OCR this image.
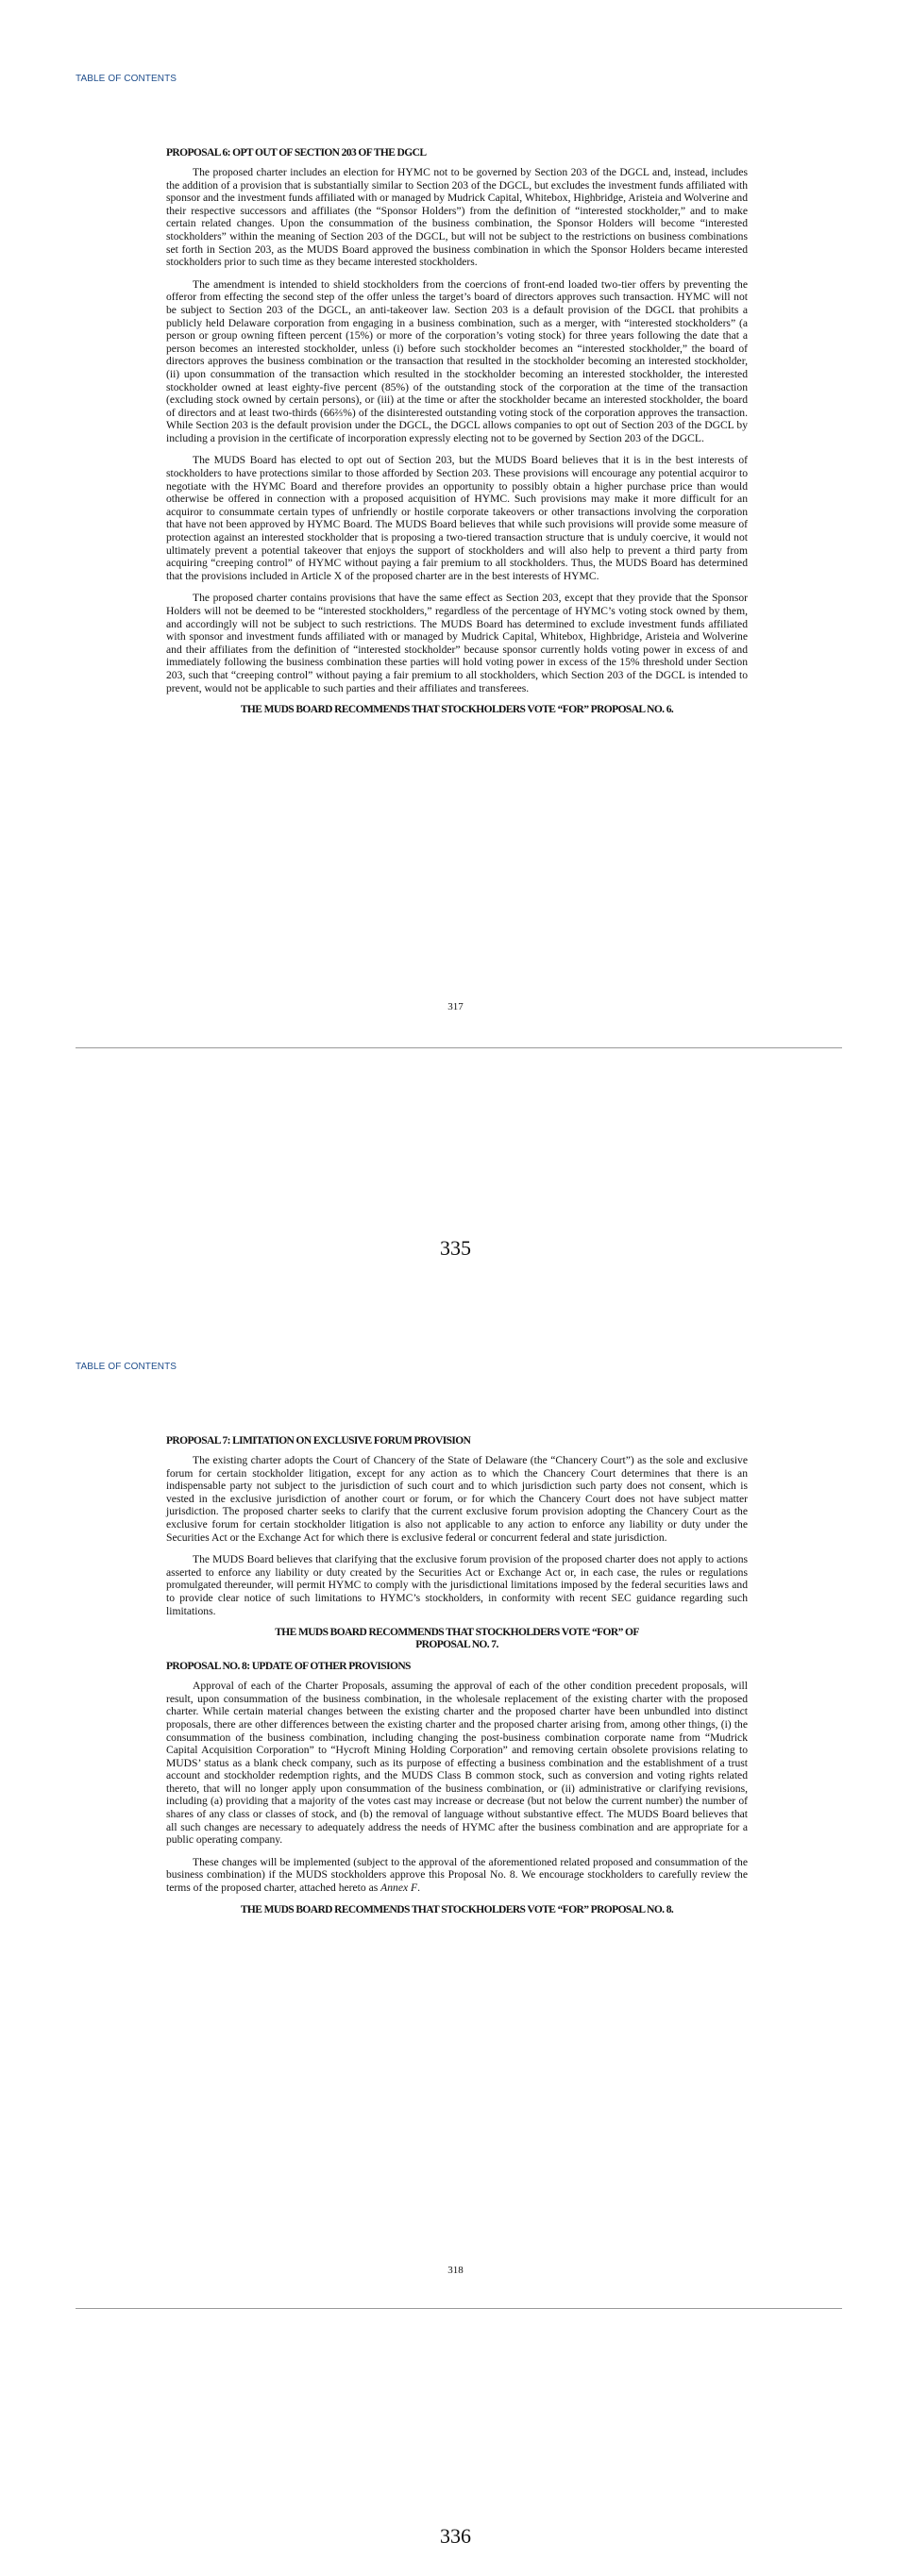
TABLE OF CONTENTS

PROPOSAL 6: OPT OUT OF SECTION 203 OF THE DGCL

The proposed charter includes an election for HYMC not to be governed by Section 203 of the DGCL and, instead, includes the addition of a provision that is substantially similar to Section 203 of the DGCL, but excludes the investment funds affiliated with sponsor and the investment funds affiliated with or managed by Mudrick Capital, Whitebox, Highbridge, Aristeia and Wolverine and their respective successors and affiliates (the “Sponsor Holders”) from the definition of “interested stockholder,” and to make certain related changes. Upon the consummation of the business combination, the Sponsor Holders will become “interested stockholders” within the meaning of Section 203 of the DGCL, but will not be subject to the restrictions on business combinations set forth in Section 203, as the MUDS Board approved the business combination in which the Sponsor Holders became interested stockholders prior to such time as they became interested stockholders.

The amendment is intended to shield stockholders from the coercions of front-end loaded two-tier offers by preventing the offeror from effecting the second step of the offer unless the target’s board of directors approves such transaction. HYMC will not be subject to Section 203 of the DGCL, an anti-takeover law. Section 203 is a default provision of the DGCL that prohibits a publicly held Delaware corporation from engaging in a business combination, such as a merger, with “interested stockholders” (a person or group owning fifteen percent (15%) or more of the corporation’s voting stock) for three years following the date that a person becomes an interested stockholder, unless (i) before such stockholder becomes an “interested stockholder,” the board of directors approves the business combination or the transaction that resulted in the stockholder becoming an interested stockholder, (ii) upon consummation of the transaction which resulted in the stockholder becoming an interested stockholder, the interested stockholder owned at least eighty-five percent (85%) of the outstanding stock of the corporation at the time of the transaction (excluding stock owned by certain persons), or (iii) at the time or after the stockholder became an interested stockholder, the board of directors and at least two-thirds (66⅔%) of the disinterested outstanding voting stock of the corporation approves the transaction. While Section 203 is the default provision under the DGCL, the DGCL allows companies to opt out of Section 203 of the DGCL by including a provision in the certificate of incorporation expressly electing not to be governed by Section 203 of the DGCL.

The MUDS Board has elected to opt out of Section 203, but the MUDS Board believes that it is in the best interests of stockholders to have protections similar to those afforded by Section 203. These provisions will encourage any potential acquiror to negotiate with the HYMC Board and therefore provides an opportunity to possibly obtain a higher purchase price than would otherwise be offered in connection with a proposed acquisition of HYMC. Such provisions may make it more difficult for an acquiror to consummate certain types of unfriendly or hostile corporate takeovers or other transactions involving the corporation that have not been approved by HYMC Board. The MUDS Board believes that while such provisions will provide some measure of protection against an interested stockholder that is proposing a two-tiered transaction structure that is unduly coercive, it would not ultimately prevent a potential takeover that enjoys the support of stockholders and will also help to prevent a third party from acquiring “creeping control” of HYMC without paying a fair premium to all stockholders. Thus, the MUDS Board has determined that the provisions included in Article X of the proposed charter are in the best interests of HYMC.

The proposed charter contains provisions that have the same effect as Section 203, except that they provide that the Sponsor Holders will not be deemed to be “interested stockholders,” regardless of the percentage of HYMC’s voting stock owned by them, and accordingly will not be subject to such restrictions. The MUDS Board has determined to exclude investment funds affiliated with sponsor and investment funds affiliated with or managed by Mudrick Capital, Whitebox, Highbridge, Aristeia and Wolverine and their affiliates from the definition of “interested stockholder” because sponsor currently holds voting power in excess of and immediately following the business combination these parties will hold voting power in excess of the 15% threshold under Section 203, such that “creeping control” without paying a fair premium to all stockholders, which Section 203 of the DGCL is intended to prevent, would not be applicable to such parties and their affiliates and transferees.

THE MUDS BOARD RECOMMENDS THAT STOCKHOLDERS VOTE “FOR” PROPOSAL NO. 6.

317
335
TABLE OF CONTENTS

PROPOSAL 7: LIMITATION ON EXCLUSIVE FORUM PROVISION

The existing charter adopts the Court of Chancery of the State of Delaware (the “Chancery Court”) as the sole and exclusive forum for certain stockholder litigation, except for any action as to which the Chancery Court determines that there is an indispensable party not subject to the jurisdiction of such court and to which jurisdiction such party does not consent, which is vested in the exclusive jurisdiction of another court or forum, or for which the Chancery Court does not have subject matter jurisdiction. The proposed charter seeks to clarify that the current exclusive forum provision adopting the Chancery Court as the exclusive forum for certain stockholder litigation is also not applicable to any action to enforce any liability or duty under the Securities Act or the Exchange Act for which there is exclusive federal or concurrent federal and state jurisdiction.

The MUDS Board believes that clarifying that the exclusive forum provision of the proposed charter does not apply to actions asserted to enforce any liability or duty created by the Securities Act or Exchange Act or, in each case, the rules or regulations promulgated thereunder, will permit HYMC to comply with the jurisdictional limitations imposed by the federal securities laws and to provide clear notice of such limitations to HYMC’s stockholders, in conformity with recent SEC guidance regarding such limitations.

THE MUDS BOARD RECOMMENDS THAT STOCKHOLDERS VOTE “FOR” OF
PROPOSAL NO. 7.

PROPOSAL NO. 8: UPDATE OF OTHER PROVISIONS

Approval of each of the Charter Proposals, assuming the approval of each of the other condition precedent proposals, will result, upon consummation of the business combination, in the wholesale replacement of the existing charter with the proposed charter. While certain material changes between the existing charter and the proposed charter have been unbundled into distinct proposals, there are other differences between the existing charter and the proposed charter arising from, among other things, (i) the consummation of the business combination, including changing the post-business combination corporate name from “Mudrick Capital Acquisition Corporation” to “Hycroft Mining Holding Corporation” and removing certain obsolete provisions relating to MUDS’ status as a blank check company, such as its purpose of effecting a business combination and the establishment of a trust account and stockholder redemption rights, and the MUDS Class B common stock, such as conversion and voting rights related thereto, that will no longer apply upon consummation of the business combination, or (ii) administrative or clarifying revisions, including (a) providing that a majority of the votes cast may increase or decrease (but not below the current number) the number of shares of any class or classes of stock, and (b) the removal of language without substantive effect. The MUDS Board believes that all such changes are necessary to adequately address the needs of HYMC after the business combination and are appropriate for a public operating company.

These changes will be implemented (subject to the approval of the aforementioned related proposed and consummation of the business combination) if the MUDS stockholders approve this Proposal No. 8. We encourage stockholders to carefully review the terms of the proposed charter, attached hereto as Annex F.

THE MUDS BOARD RECOMMENDS THAT STOCKHOLDERS VOTE “FOR” PROPOSAL NO. 8.

318
336
